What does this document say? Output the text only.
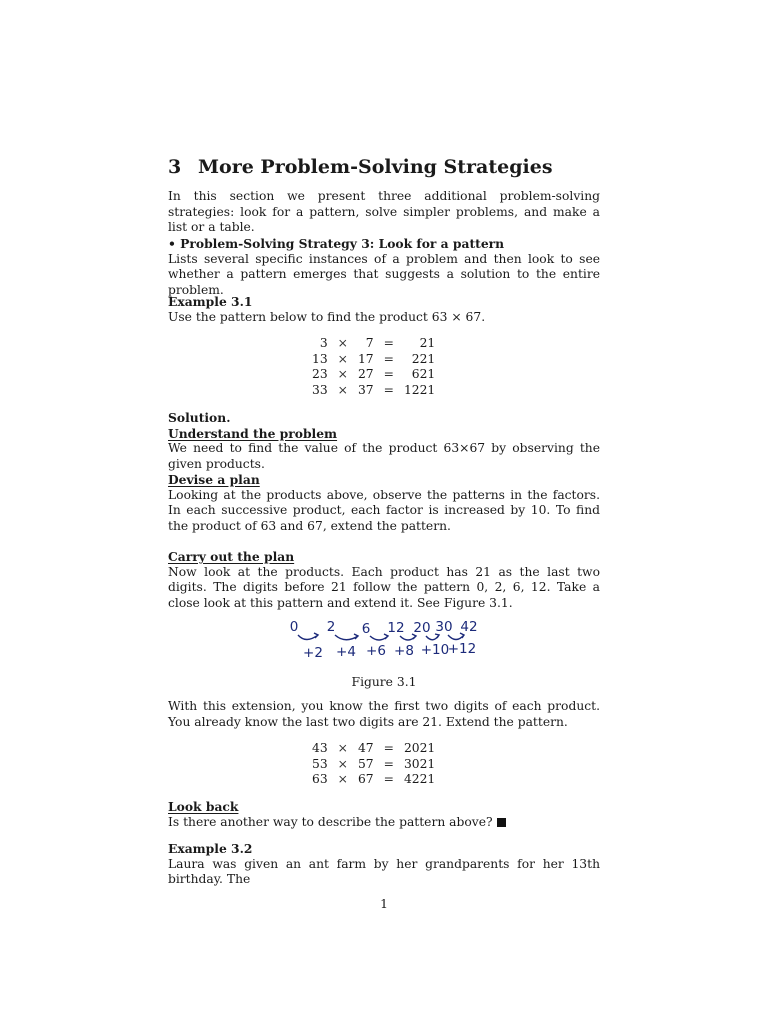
3 More Problem-Solving Strategies

In this section we present three additional problem-solving strategies: look for a pattern, solve simpler problems, and make a list or a table.

• Problem-Solving Strategy 3: Look for a pattern
Lists several specific instances of a problem and then look to see whether a pattern emerges that suggests a solution to the entire problem.
Example 3.1
Use the pattern below to find the product 63 × 67.
3	×	7	=	21
13	×	17	=	221
23	×	27	=	621
33	×	37	=	1221
Solution.
Understand the problem
We need to find the value of the product 63×67 by observing the given products.
Devise a plan
Looking at the products above, observe the patterns in the factors. In each successive product, each factor is increased by 10. To find the product of 63 and 67, extend the pattern.
Carry out the plan
Now look at the products. Each product has 21 as the last two digits. The digits before 21 follow the pattern 0, 2, 6, 12. Take a close look at this pattern and extend it. See Figure 3.1.
0 2 6 12 20 30 42
+2 +4 +6 +8 +10
+12
Figure 3.1

With this extension, you know the first two digits of each product. You already know the last two digits are 21. Extend the pattern.

43	×	47	=	2021
53	×	57	=	3021
63	×	67	=	4221
Look back
Is there another way to describe the pattern above?
Example 3.2
Laura was given an ant farm by her grandparents for her 13th birthday. The
1
